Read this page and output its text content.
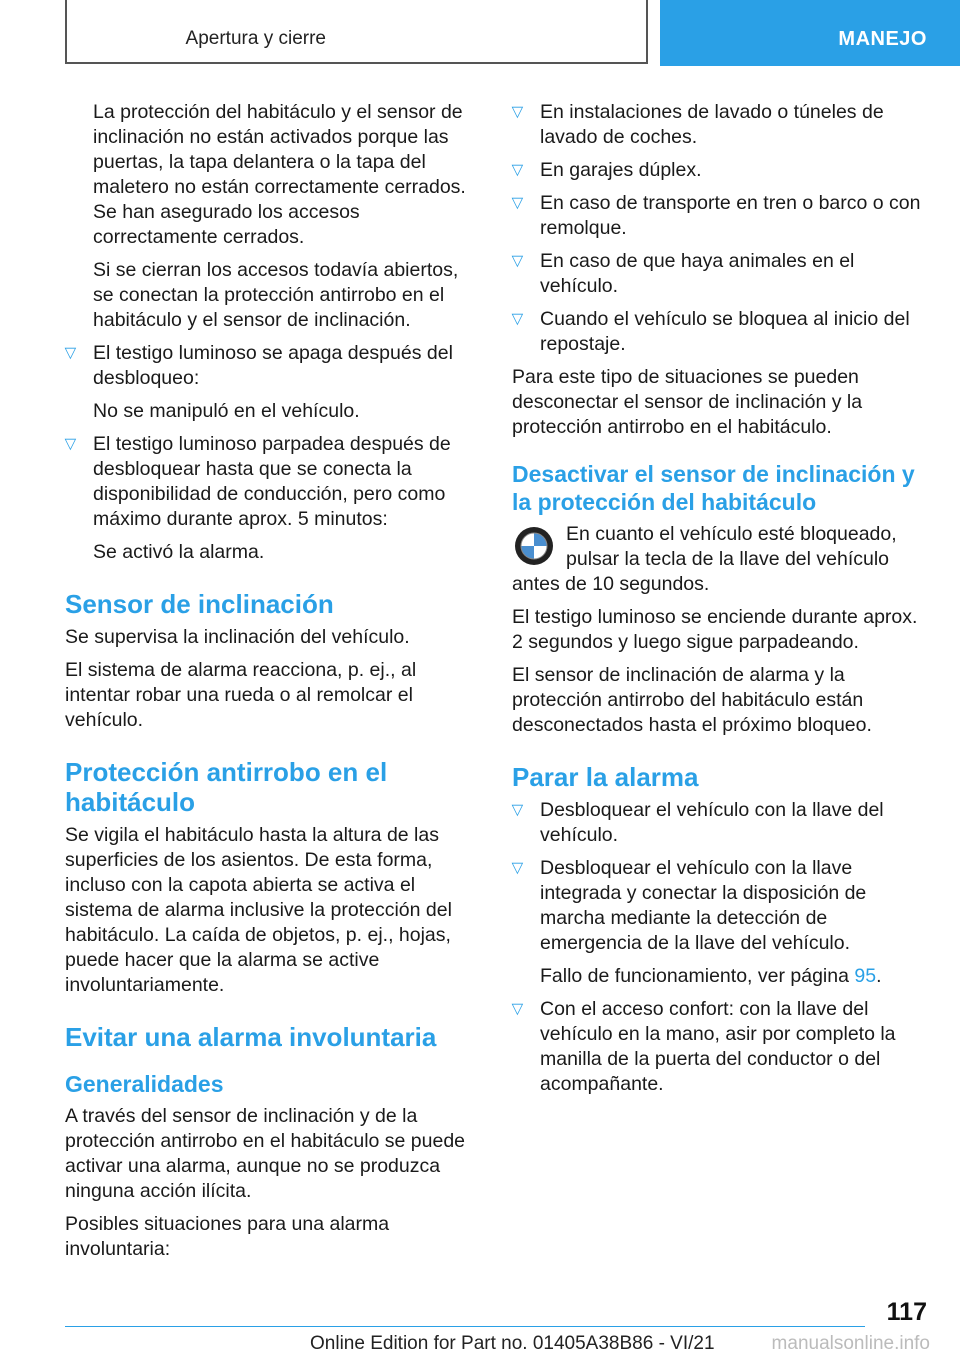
Apertura y cierre	MANEJO

La protección del habitáculo y el sensor de inclinación no están activados porque las puertas, la tapa delantera o la tapa del maletero no están correctamente cerrados. Se han asegurado los accesos correctamente cerrados.

Si se cierran los accesos todavía abiertos, se conectan la protección antirrobo en el habitáculo y el sensor de inclinación.

▷
El testigo luminoso se apaga después del desbloqueo:

No se manipuló en el vehículo.

▷
El testigo luminoso parpadea después de desbloquear hasta que se conecta la disponibilidad de conducción, pero como máximo durante aprox. 5 minutos:

Se activó la alarma.

Sensor de inclinación

Se supervisa la inclinación del vehículo.

El sistema de alarma reacciona, p. ej., al intentar robar una rueda o al remolcar el vehículo.

Protección antirrobo en el habitáculo

Se vigila el habitáculo hasta la altura de las superficies de los asientos. De esta forma, incluso con la capota abierta se activa el sistema de alarma inclusive la protección del habitáculo. La caída de objetos, p. ej., hojas, puede hacer que la alarma se active involuntariamente.

Evitar una alarma involuntaria
Generalidades

A través del sensor de inclinación y de la protección antirrobo en el habitáculo se puede activar una alarma, aunque no se produzca ninguna acción ilícita.

Posibles situaciones para una alarma involuntaria:

▷
En instalaciones de lavado o túneles de lavado de coches.
▷
En garajes dúplex.
▷
En caso de transporte en tren o barco o con remolque.
▷
En caso de que haya animales en el vehículo.
▷
Cuando el vehículo se bloquea al inicio del repostaje.

Para este tipo de situaciones se pueden desconectar el sensor de inclinación y la protección antirrobo en el habitáculo.

Desactivar el sensor de inclinación y la protección del habitáculo
En cuanto el vehículo esté bloqueado, pulsar la tecla de la llave del vehículo antes de 10 segundos.

El testigo luminoso se enciende durante aprox. 2 segundos y luego sigue parpadeando.

El sensor de inclinación de alarma y la protección antirrobo del habitáculo están desconectados hasta el próximo bloqueo.

Parar la alarma
▷
Desbloquear el vehículo con la llave del vehículo.
▷
Desbloquear el vehículo con la llave integrada y conectar la disposición de marcha mediante la detección de emergencia de la llave del vehículo.

Fallo de funcionamiento, ver página 95.

▷
Con el acceso confort: con la llave del vehículo en la mano, asir por completo la manilla de la puerta del conductor o del acompañante.
117
Online Edition for Part no. 01405A38B86 - VI/21	manualsonline.info
